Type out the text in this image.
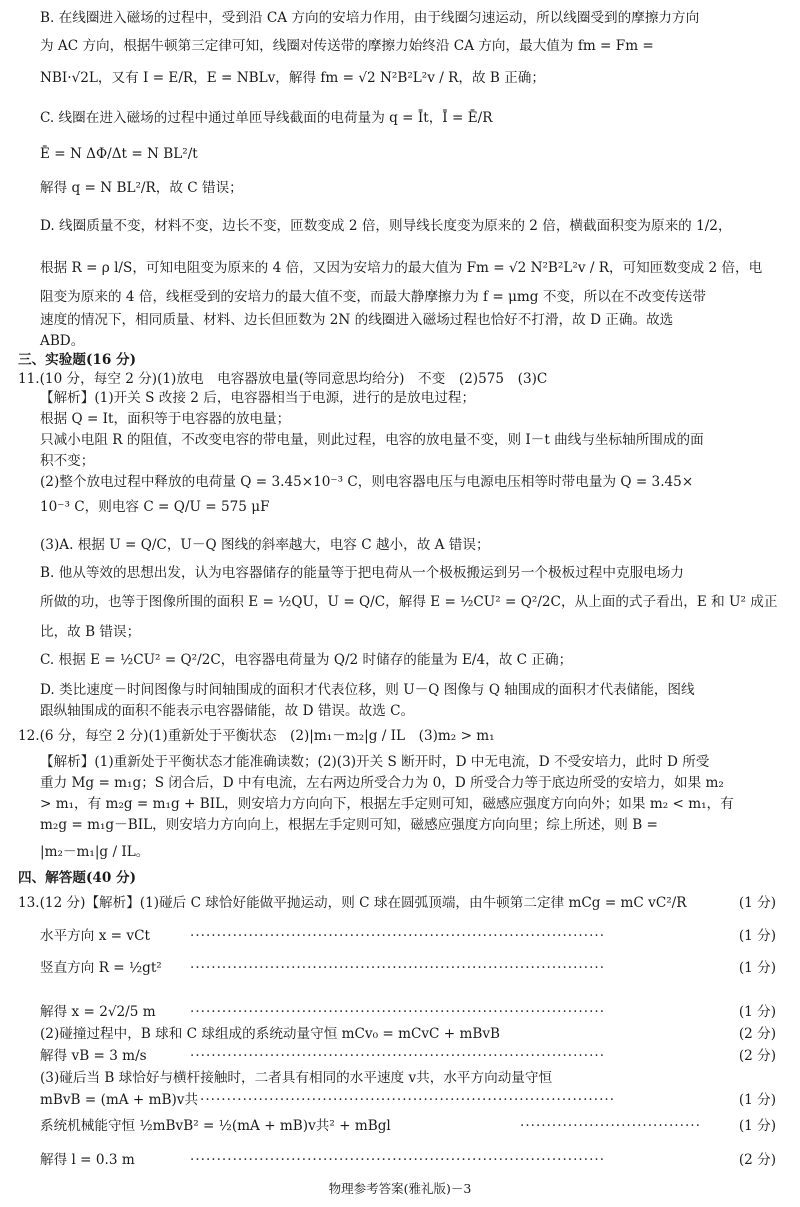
B. 在线圈进入磁场的过程中，受到沿 CA 方向的安培力作用，由于线圈匀速运动，所以线圈受到的摩擦力方向
为 AC 方向，根据牛顿第三定律可知，线圈对传送带的摩擦力始终沿 CA 方向，最大值为 fm = Fm =
NBI·√2L，又有 I = E/R，E = NBLv，解得 fm = √2 N²B²L²v / R，故 B 正确；
C. 线圈在进入磁场的过程中通过单匝导线截面的电荷量为 q = Īt，Ī = Ē/R
Ē = N ΔΦ/Δt = N BL²/t
解得 q = N BL²/R，故 C 错误；
D. 线圈质量不变，材料不变，边长不变，匝数变成 2 倍，则导线长度变为原来的 2 倍，横截面积变为原来的 1/2，
根据 R = ρ l/S，可知电阻变为原来的 4 倍，又因为安培力的最大值为 Fm = √2 N²B²L²v / R，可知匝数变成 2 倍，电
阻变为原来的 4 倍，线框受到的安培力的最大值不变，而最大静摩擦力为 f = μmg 不变，所以在不改变传送带
速度的情况下，相同质量、材料、边长但匝数为 2N 的线圈进入磁场过程也恰好不打滑，故 D 正确。故选
ABD。
三、实验题(16 分)
11.(10 分，每空 2 分)(1)放电　电容器放电量(等同意思均给分)　不变　(2)575　(3)C
【解析】(1)开关 S 改接 2 后，电容器相当于电源，进行的是放电过程；
根据 Q = It，面积等于电容器的放电量；
只减小电阻 R 的阻值，不改变电容的带电量，则此过程，电容的放电量不变，则 I－t 曲线与坐标轴所围成的面
积不变；
(2)整个放电过程中释放的电荷量 Q = 3.45×10⁻³ C，则电容器电压与电源电压相等时带电量为 Q = 3.45×
10⁻³ C，则电容 C = Q/U = 575 μF
(3)A. 根据 U = Q/C，U－Q 图线的斜率越大，电容 C 越小，故 A 错误；
B. 他从等效的思想出发，认为电容器储存的能量等于把电荷从一个极板搬运到另一个极板过程中克服电场力
所做的功，也等于图像所围的面积 E = ½QU，U = Q/C，解得 E = ½CU² = Q²/2C，从上面的式子看出，E 和 U² 成正
比，故 B 错误；
C. 根据 E = ½CU² = Q²/2C，电容器电荷量为 Q/2 时储存的能量为 E/4，故 C 正确；
D. 类比速度－时间图像与时间轴围成的面积才代表位移，则 U－Q 图像与 Q 轴围成的面积才代表储能，图线
跟纵轴围成的面积不能表示电容器储能，故 D 错误。故选 C。
12.(6 分，每空 2 分)(1)重新处于平衡状态　(2)|m₁－m₂|g / IL　(3)m₂ > m₁
【解析】(1)重新处于平衡状态才能准确读数；(2)(3)开关 S 断开时，D 中无电流，D 不受安培力，此时 D 所受
重力 Mg = m₁g；S 闭合后，D 中有电流，左右两边所受合力为 0，D 所受合力等于底边所受的安培力，如果 m₂
> m₁，有 m₂g = m₁g + BIL，则安培力方向向下，根据左手定则可知，磁感应强度方向向外；如果 m₂ < m₁，有
m₂g = m₁g－BIL，则安培力方向向上，根据左手定则可知，磁感应强度方向向里；综上所述，则 B =
|m₂－m₁|g / IL。
四、解答题(40 分)
13.(12 分)【解析】(1)碰后 C 球恰好能做平抛运动，则 C 球在圆弧顶端，由牛顿第二定律 mCg = mC vC²/R	(1 分)
水平方向 x = vCt	··············································································	(1 分)
竖直方向 R = ½gt²	··············································································	(1 分)
解得 x = 2√2/5 m	··············································································	(1 分)
(2)碰撞过程中，B 球和 C 球组成的系统动量守恒 mCv₀ = mCvC + mBvB	(2 分)
解得 vB = 3 m/s	··············································································	(2 分)
(3)碰后当 B 球恰好与横杆接触时，二者具有相同的水平速度 v共，水平方向动量守恒
mBvB = (mA + mB)v共 ··············································································	(1 分)
系统机械能守恒 ½mBvB² = ½(mA + mB)v共² + mBgl	··································	(1 分)
解得 l = 0.3 m	··············································································	(2 分)
物理参考答案(雅礼版)－3
